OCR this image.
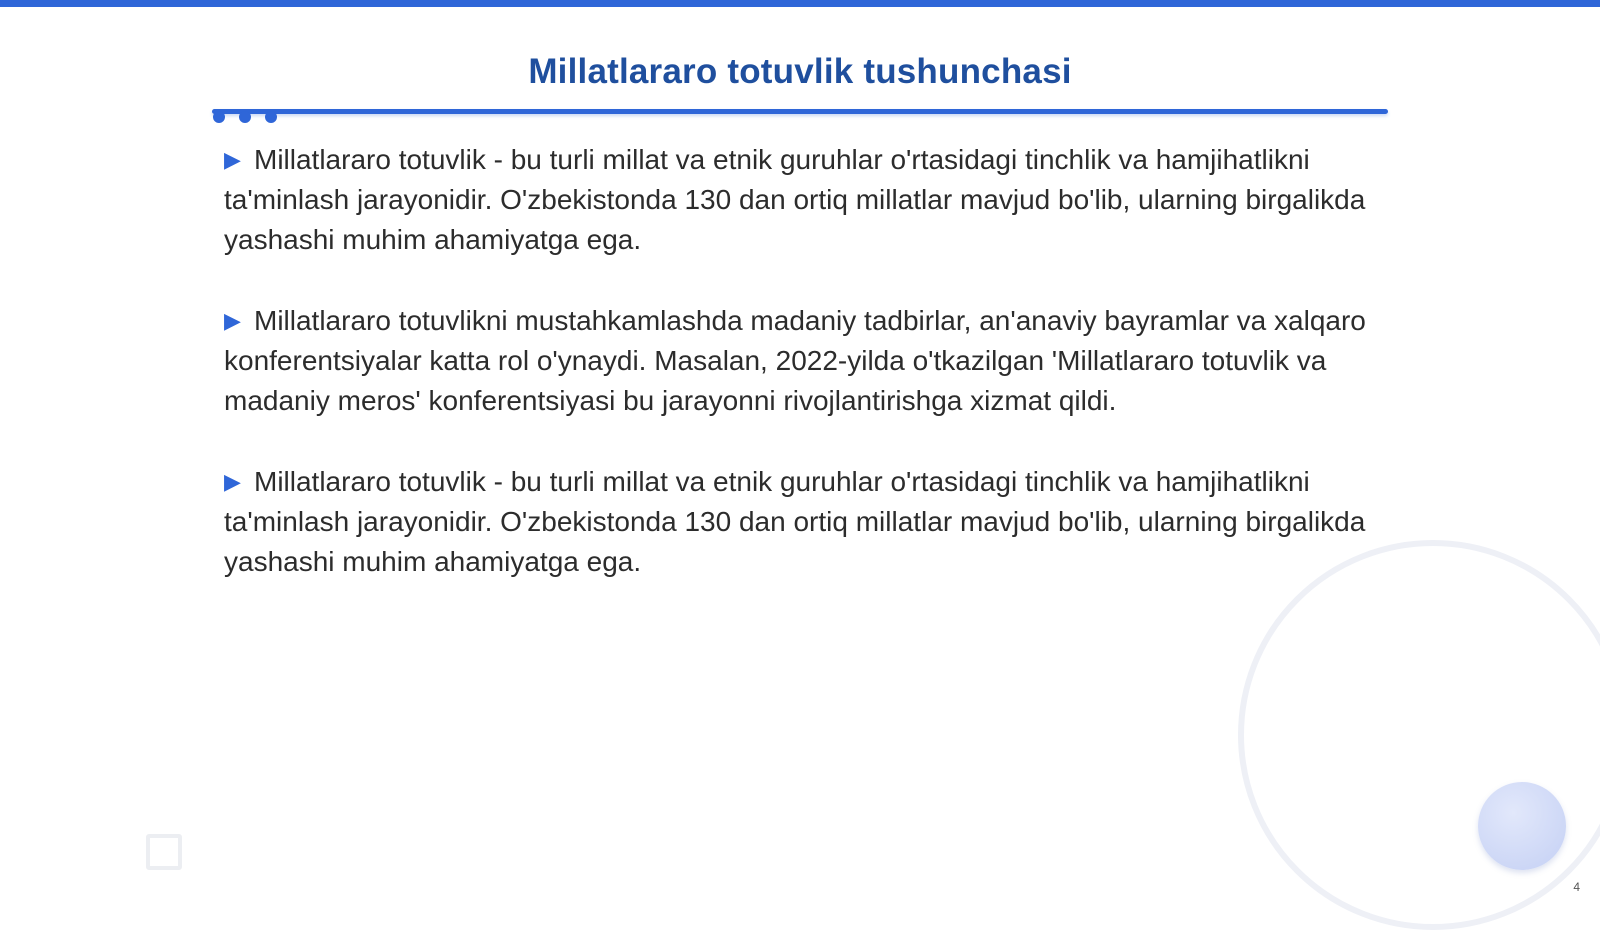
Millatlararo totuvlik tushunchasi

▶ Millatlararo totuvlik - bu turli millat va etnik guruhlar o'rtasidagi tinchlik va hamjihatlikni ta'minlash jarayonidir. O'zbekistonda 130 dan ortiq millatlar mavjud bo'lib, ularning birgalikda yashashi muhim ahamiyatga ega.

▶ Millatlararo totuvlikni mustahkamlashda madaniy tadbirlar, an'anaviy bayramlar va xalqaro konferentsiyalar katta rol o'ynaydi. Masalan, 2022-yilda o'tkazilgan 'Millatlararo totuvlik va madaniy meros' konferentsiyasi bu jarayonni rivojlantirishga xizmat qildi.

▶ Millatlararo totuvlik - bu turli millat va etnik guruhlar o'rtasidagi tinchlik va hamjihatlikni ta'minlash jarayonidir. O'zbekistonda 130 dan ortiq millatlar mavjud bo'lib, ularning birgalikda yashashi muhim ahamiyatga ega.

4
